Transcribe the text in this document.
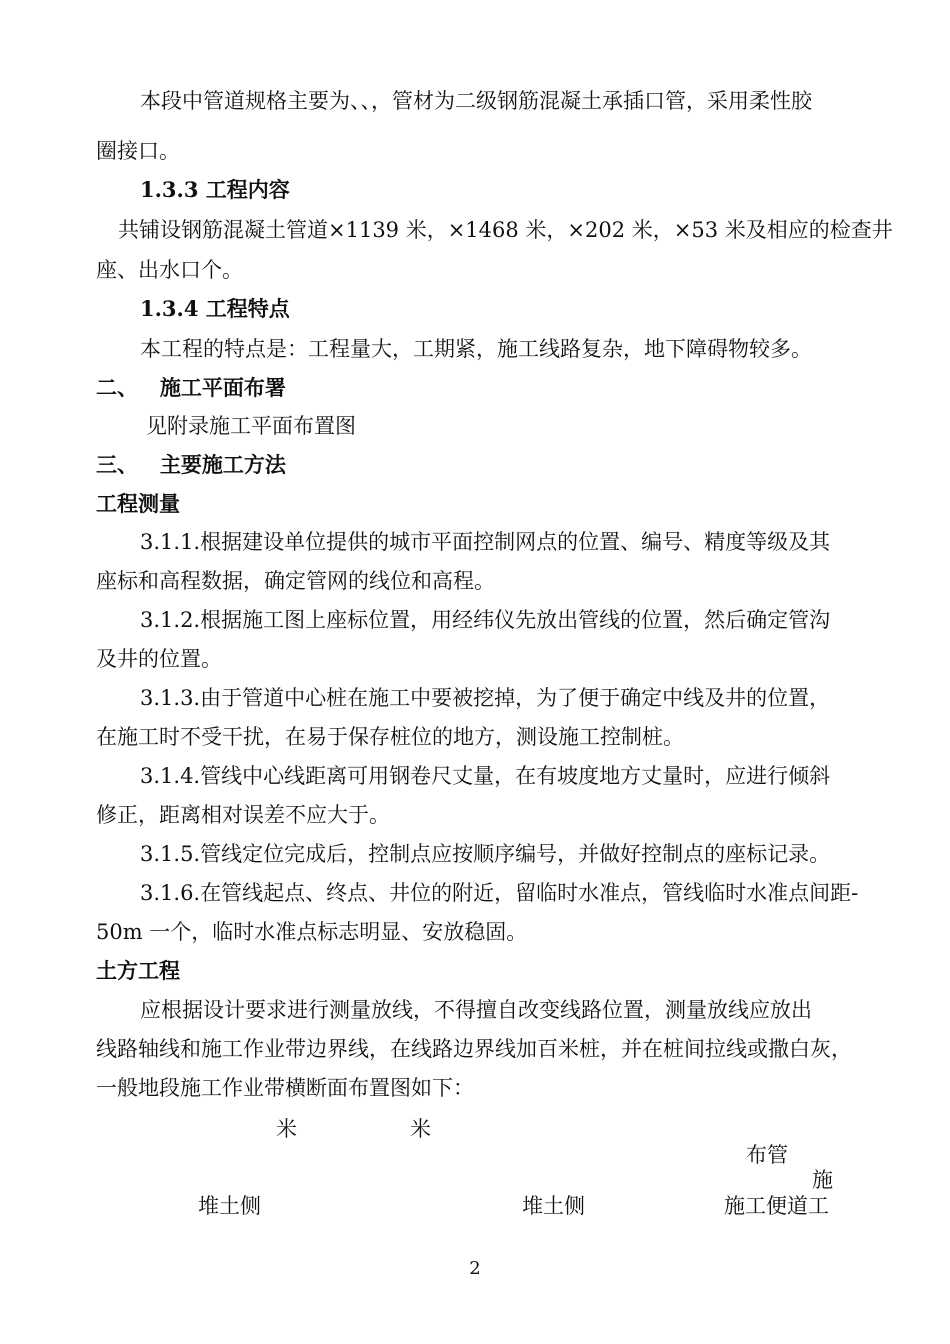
本段中管道规格主要为、、，管材为二级钢筋混凝土承插口管，采用柔性胶
圈接口。
1.3.3 工程内容
共铺设钢筋混凝土管道×1139 米，×1468 米，×202 米，×53 米及相应的检查井
座、出水口个。
1.3.4 工程特点
本工程的特点是：工程量大，工期紧，施工线路复杂，地下障碍物较多。
二、   施工平面布署
见附录施工平面布置图
三、   主要施工方法
工程测量
3.1.1.根据建设单位提供的城市平面控制网点的位置、编号、精度等级及其
座标和高程数据，确定管网的线位和高程。
3.1.2.根据施工图上座标位置，用经纬仪先放出管线的位置，然后确定管沟
及井的位置。
3.1.3.由于管道中心桩在施工中要被挖掉，为了便于确定中线及井的位置，
在施工时不受干扰，在易于保存桩位的地方，测设施工控制桩。
3.1.4.管线中心线距离可用钢卷尺丈量，在有坡度地方丈量时，应进行倾斜
修正，距离相对误差不应大于。
3.1.5.管线定位完成后，控制点应按顺序编号，并做好控制点的座标记录。
3.1.6.在管线起点、终点、井位的附近，留临时水准点，管线临时水准点间距-
50m 一个，临时水准点标志明显、安放稳固。
土方工程
应根据设计要求进行测量放线，不得擅自改变线路位置，测量放线应放出
线路轴线和施工作业带边界线，在线路边界线加百米桩，并在桩间拉线或撒白灰，
一般地段施工作业带横断面布置图如下：
米	米
布管
施
堆土侧	堆土侧	施工便道工
2
